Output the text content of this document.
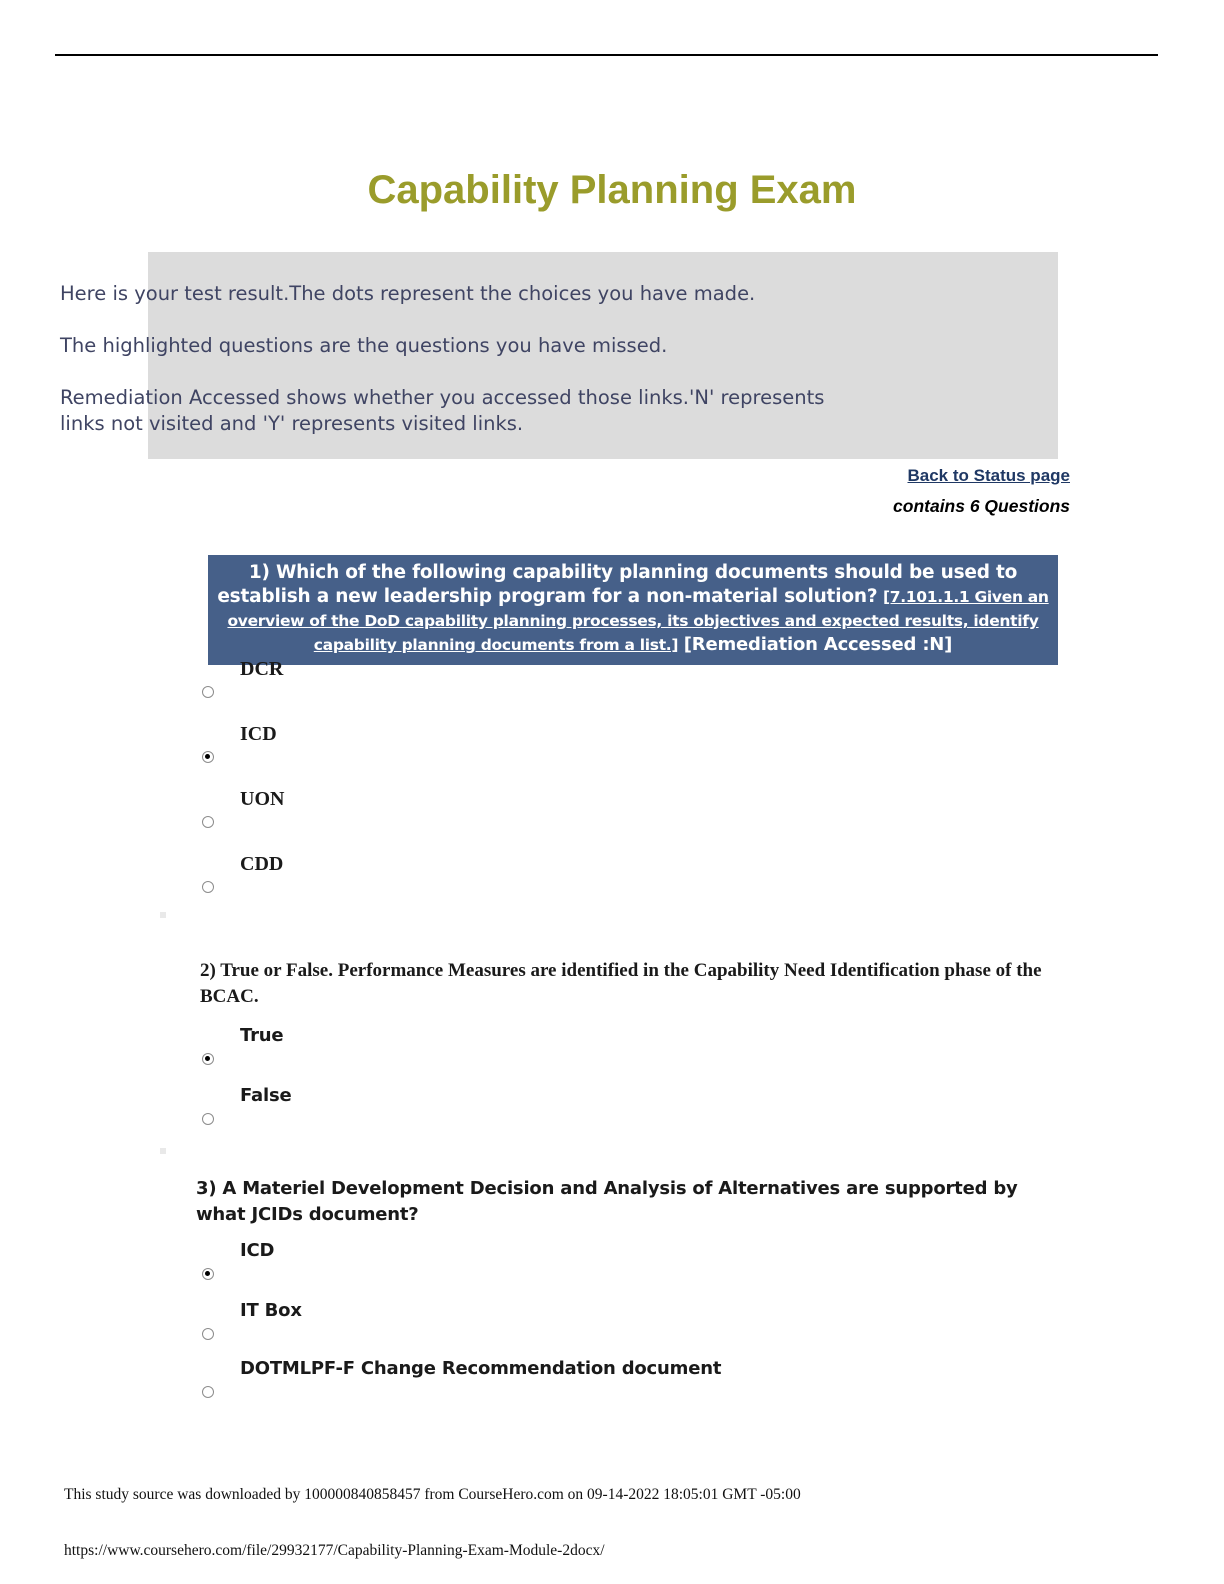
Capability Planning Exam

Here is your test result.The dots represent the choices you have made.

The highlighted questions are the questions you have missed.

Remediation Accessed shows whether you accessed those links.'N' represents

links not visited and 'Y' represents visited links.

Back to Status page
contains 6 Questions
1) Which of the following capability planning documents should be used to establish a new leadership program for a non-material solution? [7.101.1.1 Given an overview of the DoD capability planning processes, its objectives and expected results, identify capability planning documents from a list.] [Remediation Accessed :N]
DCR
ICD
UON
CDD
2) True or False. Performance Measures are identified in the Capability Need Identification phase of the BCAC.
True
False
3) A Materiel Development Decision and Analysis of Alternatives are supported by what JCIDs document?
ICD
IT Box
DOTMLPF-F Change Recommendation document
This study source was downloaded by 100000840858457 from CourseHero.com on 09-14-2022 18:05:01 GMT -05:00
https://www.coursehero.com/file/29932177/Capability-Planning-Exam-Module-2docx/
